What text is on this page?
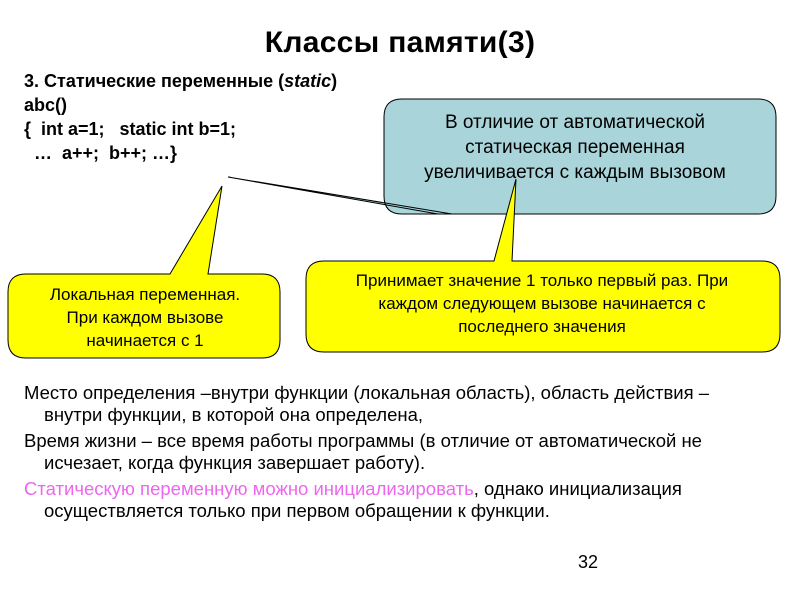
Классы памяти(3)
3. Статические переменные (static)
abc()
{  int a=1;   static int b=1;
…  a++;  b++; …}
В отличие от автоматической
статическая переменная
увеличивается с каждым вызовом
Локальная переменная.
При каждом вызове
начинается с 1
Принимает значение 1 только первый раз. При
каждом следующем вызове начинается с
последнего значения

Место определения –внутри функции (локальная область), область действия – внутри функции, в которой она определена,

Время жизни – все время работы программы (в отличие от автоматической не исчезает, когда функция завершает работу).

Статическую переменную можно инициализировать, однако инициализация осуществляется только при первом обращении к функции.

32
